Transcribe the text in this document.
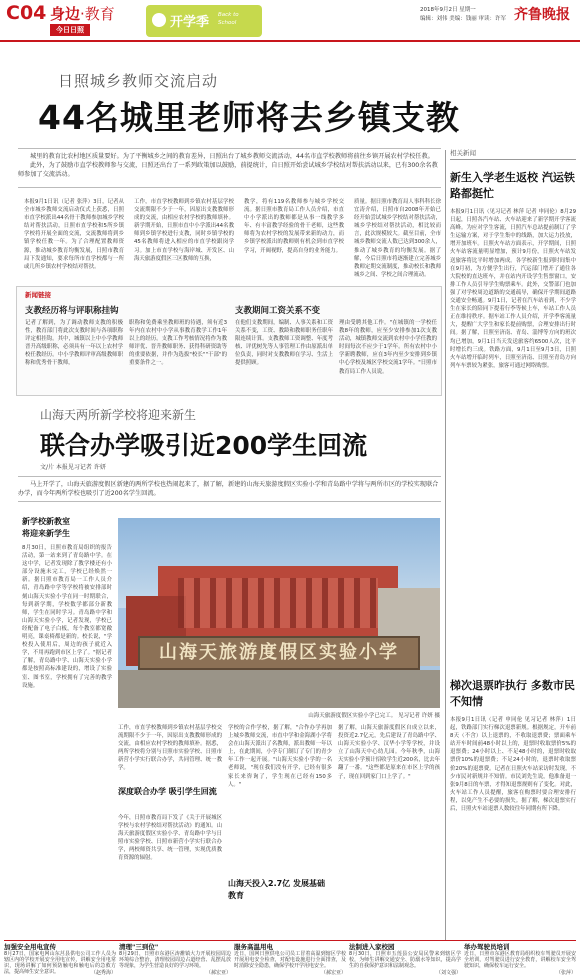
C04 身边·教育
今日日照	开学季 Back to School
2018年9月2日 星期一
编辑：刘伟 美编：钱丽 审读：许军 齐鲁晚报
日照城乡教师交流启动
44名城里老师将去乡镇支教
城里的教育比农村地区质量要好。为了平衡城乡之间的教育差异，日照出台了城乡教师交流活动，44名市直学校教师将前往乡镇开展农村学校任教。
此外，为了鼓励市直学校教师参与交流，日照还出台了一系列政策加以鼓励，前提统计，自日照开始尝试城乡学校结对帮扶活动以来，已有300余名教师参加了交流活动。
本报9月1日讯（记者 张萍）3日，记者从全市城乡教师交流启动仪式上获悉，日照市直学校派出44名骨干教师参加城乡学校结对帮扶活动，日照市直学校和5所乡镇学校将开展全面的交流，交流教师将到乡镇学校任教一年。为了合理配置教师资源，推动城乡教育均衡发展，日照市教育局下发通知，要求每所市直学校都与一所或几所乡镇农村学校结对帮扶。
工作，市直学校教师到乡镇农村基层学校交流期限不少于一年，因原出支教教师形成的交流，由相应农村学校的教师填补。新学期开始，日照市直中小学派出44名教师到乡镇学校进行支教，同时乡镇学校的45名教师将进入相应的市直学校跟岗学习。加上市直学校与海岸城、开发区、山海天旅游度假区三区教师的互换，
教学，将有119名教师参与城乡学校交流。据日照市教育局工作人员介绍，市直中小学派出的教师都是从事一线教学多年、有丰富教学经验的骨干老师，这些教师将为农村学校的发展带来新的动力，而乡镇学校派出的教师则有机会到市直学校学习，开阔视野，提高自身的业务能力。
质量。据日照市教育局人事科科长徐宜涛介绍，日照市自2008年开始已经开始尝试城乡学校结对帮扶活动，城乡学校结对帮扶活动，相比较而言，此次规模较大。截至目前，全市城乡教师交流人数已达到300余人，推动了城乡教育的均衡发展。据了解，今后日照市将逐渐建立完善城乡教师定期交流制度，推动校长和教师城乡之间、学校之间合理流动。
新闻链接
支教经历将与评职称挂钩
记者了解到，为了调动教师支教的积极性，教育部门将此次支教时间与各项职称评定相挂钩。其中，城镇以上中小学教师晋升高级职称，必须具有一年以上农村学校任教经历。中小学教师评审高级教师职称和优秀骨干教师，
职称和免费乘坐教师班的待遇，须有近3年内在农村中小学从事教育教学工作1年以上的经历。支教工作考核情况将作为教师评优、晋升教师职务、获得科研资助等的重要依据，并作为选拔"校长""干部"的重要条件之一。
支教期间工资关系不变
在他们支教期间，编制、人事关系和工资关系不变，工资、教龄和教师职务任职年限连续计算。支教教师工资调整、年度考核、评优树先等人事管理工作由原派出单位负责，同时对支教教师在学习、生活上提供照顾。
理由受聘其他工作。"在城镇的一学校任教8年的教师，应至少安排参加1次支教活动，城镇教师交流到农村中小学任教的时间每次不应少于1学年。所有农村中小学新聘教师，应在3年内至少安排到乡镇中心学校及城区学校交流1学年。"日照市教育局工作人员说。
相关新闻
新生入学老生返校 汽运铁路都挺忙
本报9月1日讯（见习记者 林萍 记者 申同伦）8月29日起，日照各汽车站、火车站迎来了新学期开学客流高峰。为应对学生客流，日照汽车总站提前制订了学生运输方案，对于学生集中的线路，加大运力投放，增开加班车。日照火车站方面表示，开学期间，日照火车站客流量明显增加，预计9月份，日照火车站发送旅客将比平时增加两成。各学校新生报到时间集中在9月初，为方便学生出行，汽运部门增开了通往各大院校的直达班车，并在站内开设学生售票窗口，安排工作人员引导学生购票乘车。此外，交警部门也加强了对学校周边道路的交通疏导，确保开学期间道路交通安全畅通。9月1日，记者在汽车站看到，不少学生在家长的陪同下提着行李等候上车，车站工作人员正在维持秩序。据车站工作人员介绍，开学季客流量大，提醒广大学生和家长提前购票，合理安排出行时间。据了解，日照至济南、青岛、淄博等方向的班次均已增加，9月1日当天发送旅客约6500人次，比平时增长约三成。铁路方面，9月1日至9月3日，日照火车站增开临时列车，日照至济南、日照至青岛方向列车车票较为紧张，旅客可通过网络购票。
梯次退票昨执行 多数市民不知情
本报9月1日讯（记者 申同伦 见习记者 林萍）1日起，铁路部门实行梯次退票新规。根据规定，开车前8天（不含）以上退票的，不收取退票费；票面乘车站开车时间前48小时以上的，退票时收取票价5%的退票费；24小时以上、不足48小时的，退票时收取票价10%的退票费；不足24小时的，退票时收取票价20%的退票费。记者在日照火车站采访时发现，不少市民对新规并不知情。市民刘先生说，他准备退一张9月8日的车票，才得知退票规则有了变化。对此，火车站工作人员提醒，旅客在购票时要合理安排行程，以免产生不必要的损失。据了解，梯次退票实行后，日照火车站退票人数较往年同期有所下降。
山海天两所新学校将迎来新生
联合办学吸引近200学生回流
文/片 本报见习记者 许妍
马上开学了，山海天旅游度假区新建的两所学校也热闹起来了，据了解，新建的山海天旅游度假区实验小学和青岛路中学将与两所市区的学校实现联合办学，而今年两所学校也吸引了近200名学生回流。
新学校新教室
将迎来新学生
8月30日，日照市教育局组织的报告活动，第一站来到了青岛路中学。在这中学，记者发现除了教学楼还有小部分设施未完工，学校已经焕然一新。据日照市教育局一工作人员介绍，青岛路中学等学校将被安排部时刻山海天实验小学在同一时期联合，每到新学期，学校数学都部分新教师，学生在同时学习。青岛路中学和山海天实验小学，记者发现，学校已经配备了电子白板，每个教室都宽敞明亮，课桌椅都是新的。校长说，"学校投入使用后，周边的孩子就近入学，不用再跑到市区上学了。"据记者了解，青岛路中学、山海天实验小学都是按照高标准建设的，增设了实验室、图书室，学校拥有了完善的教学设施。
山海天旅游度假区实验小学
山海天旅游度假区实验小学已完工。 见习记者 许妍 摄
工作，市直学校教师到乡镇农村基层学校交流期限不少于一年，因原出支教教师形成的交流，由相应农村学校的教师填补。据悉，两所学校将分别与日照市实验学校、日照市新营小学实行联合办学，共同管理、统一教学。
深度联合办学 吸引学生回流
今年，日照市教育局下发了《关于开展城区学校与农村学校结对帮扶活动》的通知。山海天旅游度假区实验小学、青岛路中学与日照市实验学校、日照市新营小学实行联合办学，两校师资共享、统一管理，实现优质教育资源的辐射。
学校的合作学校，据了解，"合作办学再加上城乡教师交流，市直中学和金海湖小学将会在山海天派出了名教师，派出教师一年以上，在此期间，小学专门制订了专门的青少年工作一起开展。"山海天实验小学的一名老师说，"现在我们没有开学，已经有很多家长来咨询了，学生现在已经有150多人。"
山海天投入2.7亿 发展基础教育
据了解，山海天旅游度假区自成立以来，投资近2.7亿元，先后建设了青岛路中学、山海天实验小学、汉华小学等学校，并设立了山海天中心幼儿园。今年秋季，山海天实验小学预计招收学生近200名，比去年翻了一番。"这些都是原来在市区上学的孩子，现在回到家门口上学了。"
加强安全用电宣传
8月27日，国家电网山东莒县供电公司工作人员为辖区内的学校开展安全用电宣传，讲解安全用电常识，现场讲解了如何预防触电和触电后的急救方法，提高师生安全意识。	（赵秀海）
清理"三到位"
8月29日，日照市东港区涛雒镇大力开展校园周边环境综合整治，清理校园周边占道经营、乱摆乱放等现象，为学生营造良好的学习环境。
（郝宏亚）
服务高温用电
近日，国网日照供电公司员工冒着高温到辖区学校开展用电安全检查，对配电设施进行全面排查，及时消除安全隐患，确保学校开学用电安全。
（郝宏亚）
法制进入家校园
8月30日，日照市五莲县公安局民警来到辖区学校，为师生讲解交通安全、防溺水等知识，提高学生的自我保护意识和法制观念。
（刘文强）
举办驾驶员培训
近日，日照市东港区教育局组织校车驾驶员开展安全培训，对驾驶员进行安全教育，讲解校车安全驾驶知识，确保校车运行安全。
（张萍）
